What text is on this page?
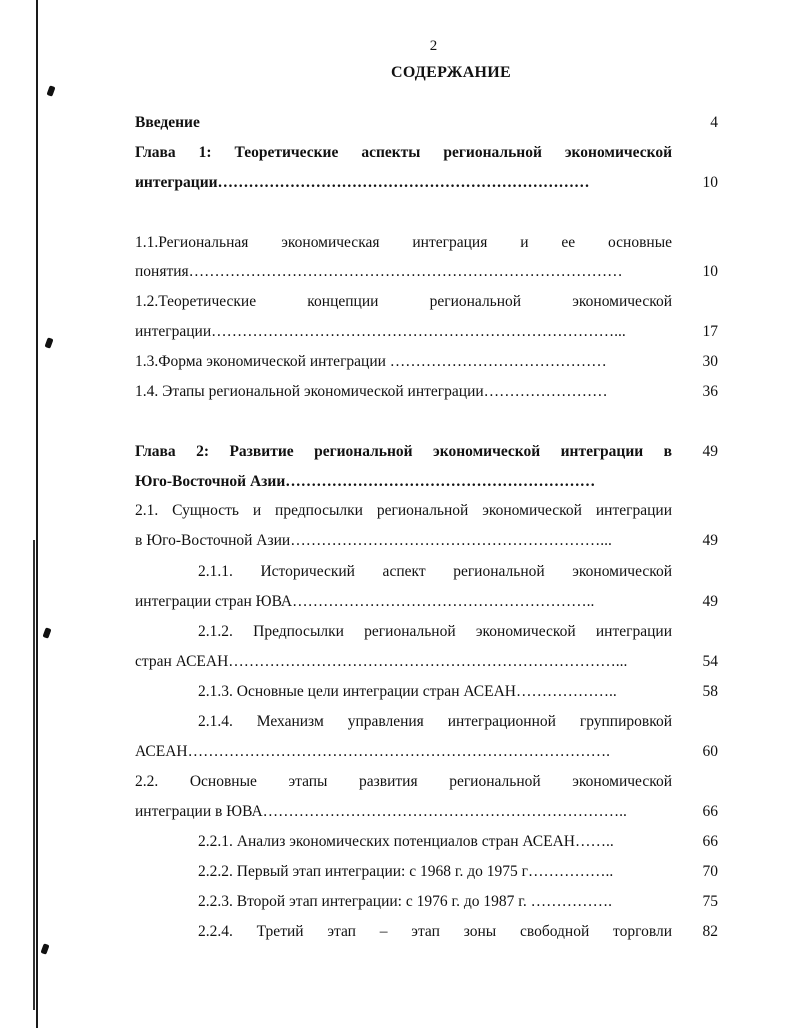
2
СОДЕРЖАНИЕ
Введение	4
Глава 1: Теоретические аспекты региональной экономической
интеграции………………………………………………………………	10
1.1.Региональная экономическая интеграция и ее основные
понятия…………………………………………………………………………	10
1.2.Теоретические концепции региональной экономической
интеграции……………………………………………………………………...	17
1.3.Форма экономической интеграции ……………………………………	30
1.4. Этапы региональной экономической интеграции……………………	36
Глава 2: Развитие региональной экономической интеграции в	49
Юго-Восточной Азии……………………………………………………
2.1. Сущность и предпосылки региональной экономической интеграции
в Юго-Восточной Азии……………………………………………………...	49
2.1.1. Исторический аспект региональной экономической
интеграции стран ЮВА…………………………………………………..	49
2.1.2. Предпосылки региональной экономической интеграции
стран АСЕАН…………………………………………………………………...	54
2.1.3. Основные цели интеграции стран АСЕАН………………..	58
2.1.4. Механизм управления интеграционной группировкой
АСЕАН……………………………………………………………………….	60
2.2. Основные этапы развития региональной экономической
интеграции в ЮВА……………………………………………………………..	66
2.2.1. Анализ экономических потенциалов стран АСЕАН……..	66
2.2.2. Первый этап интеграции: с 1968 г. до 1975 г……………..	70
2.2.3. Второй этап интеграции: с 1976 г. до 1987 г. …………….	75
2.2.4. Третий этап – этап зоны свободной торговли	82
